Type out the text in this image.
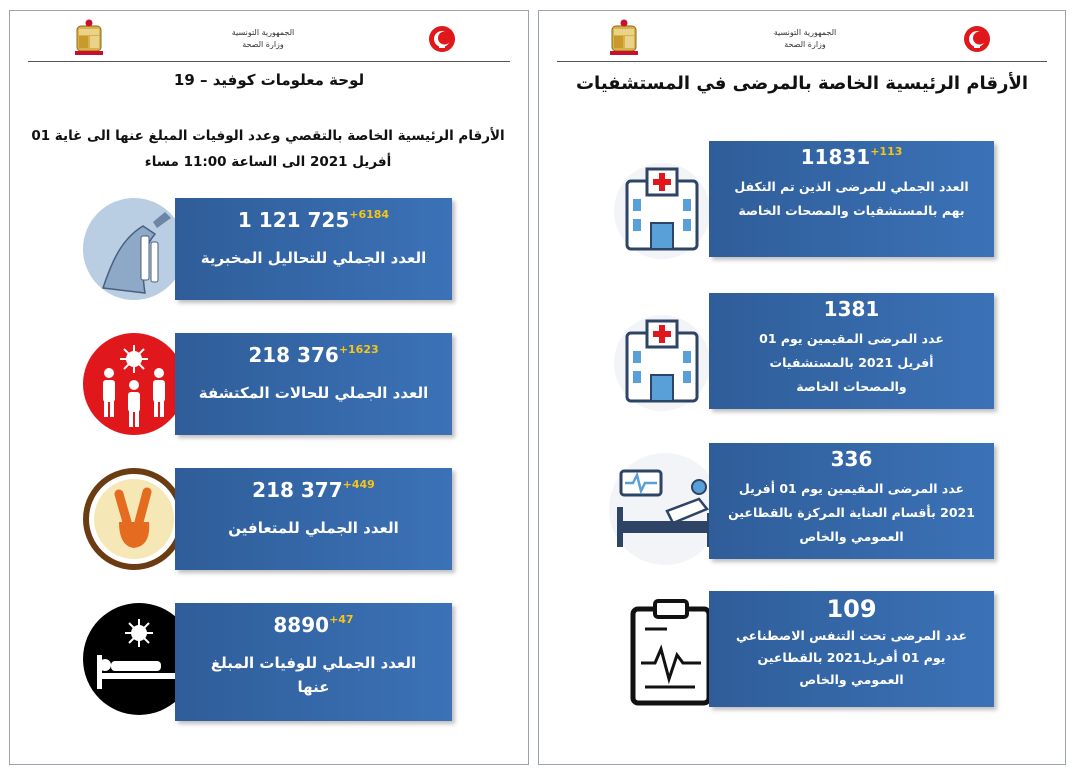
الجمهورية التونسية
وزارة الصحة
لوحة معلومات كوفيد – 19
الأرقام الرئيسية الخاصة بالتقصي وعدد الوفيات المبلغ عنها الى غاية 01
أفريل 2021 الى الساعة 11:00 مساء
1 121 $725^{+6184}$
العدد الجملي للتحاليل المخبرية
218 $376^{+1623}$
العدد الجملي للحالات المكتشفة
218 $377^{+449}$
العدد الجملي للمتعافين
$8890^{+47}$
العدد الجملي للوفيات المبلغ عنها
الجمهورية التونسية
وزارة الصحة
الأرقام الرئيسية الخاصة بالمرضى في المستشفيات
$11831^{+113}$
العدد الجملي للمرضى الذين تم التكفل بهم بالمستشفيات والمصحات الخاصة
1381
عدد المرضى المقيمين يوم 01 أفريل 2021 بالمستشفيات والمصحات الخاصة
336
عدد المرضى المقيمين يوم 01 أفريل 2021 بأقسام العناية المركزة بالقطاعين العمومي والخاص
109
عدد المرضى تحت التنفس الاصطناعي يوم 01 أفريل2021 بالقطاعين العمومي والخاص
